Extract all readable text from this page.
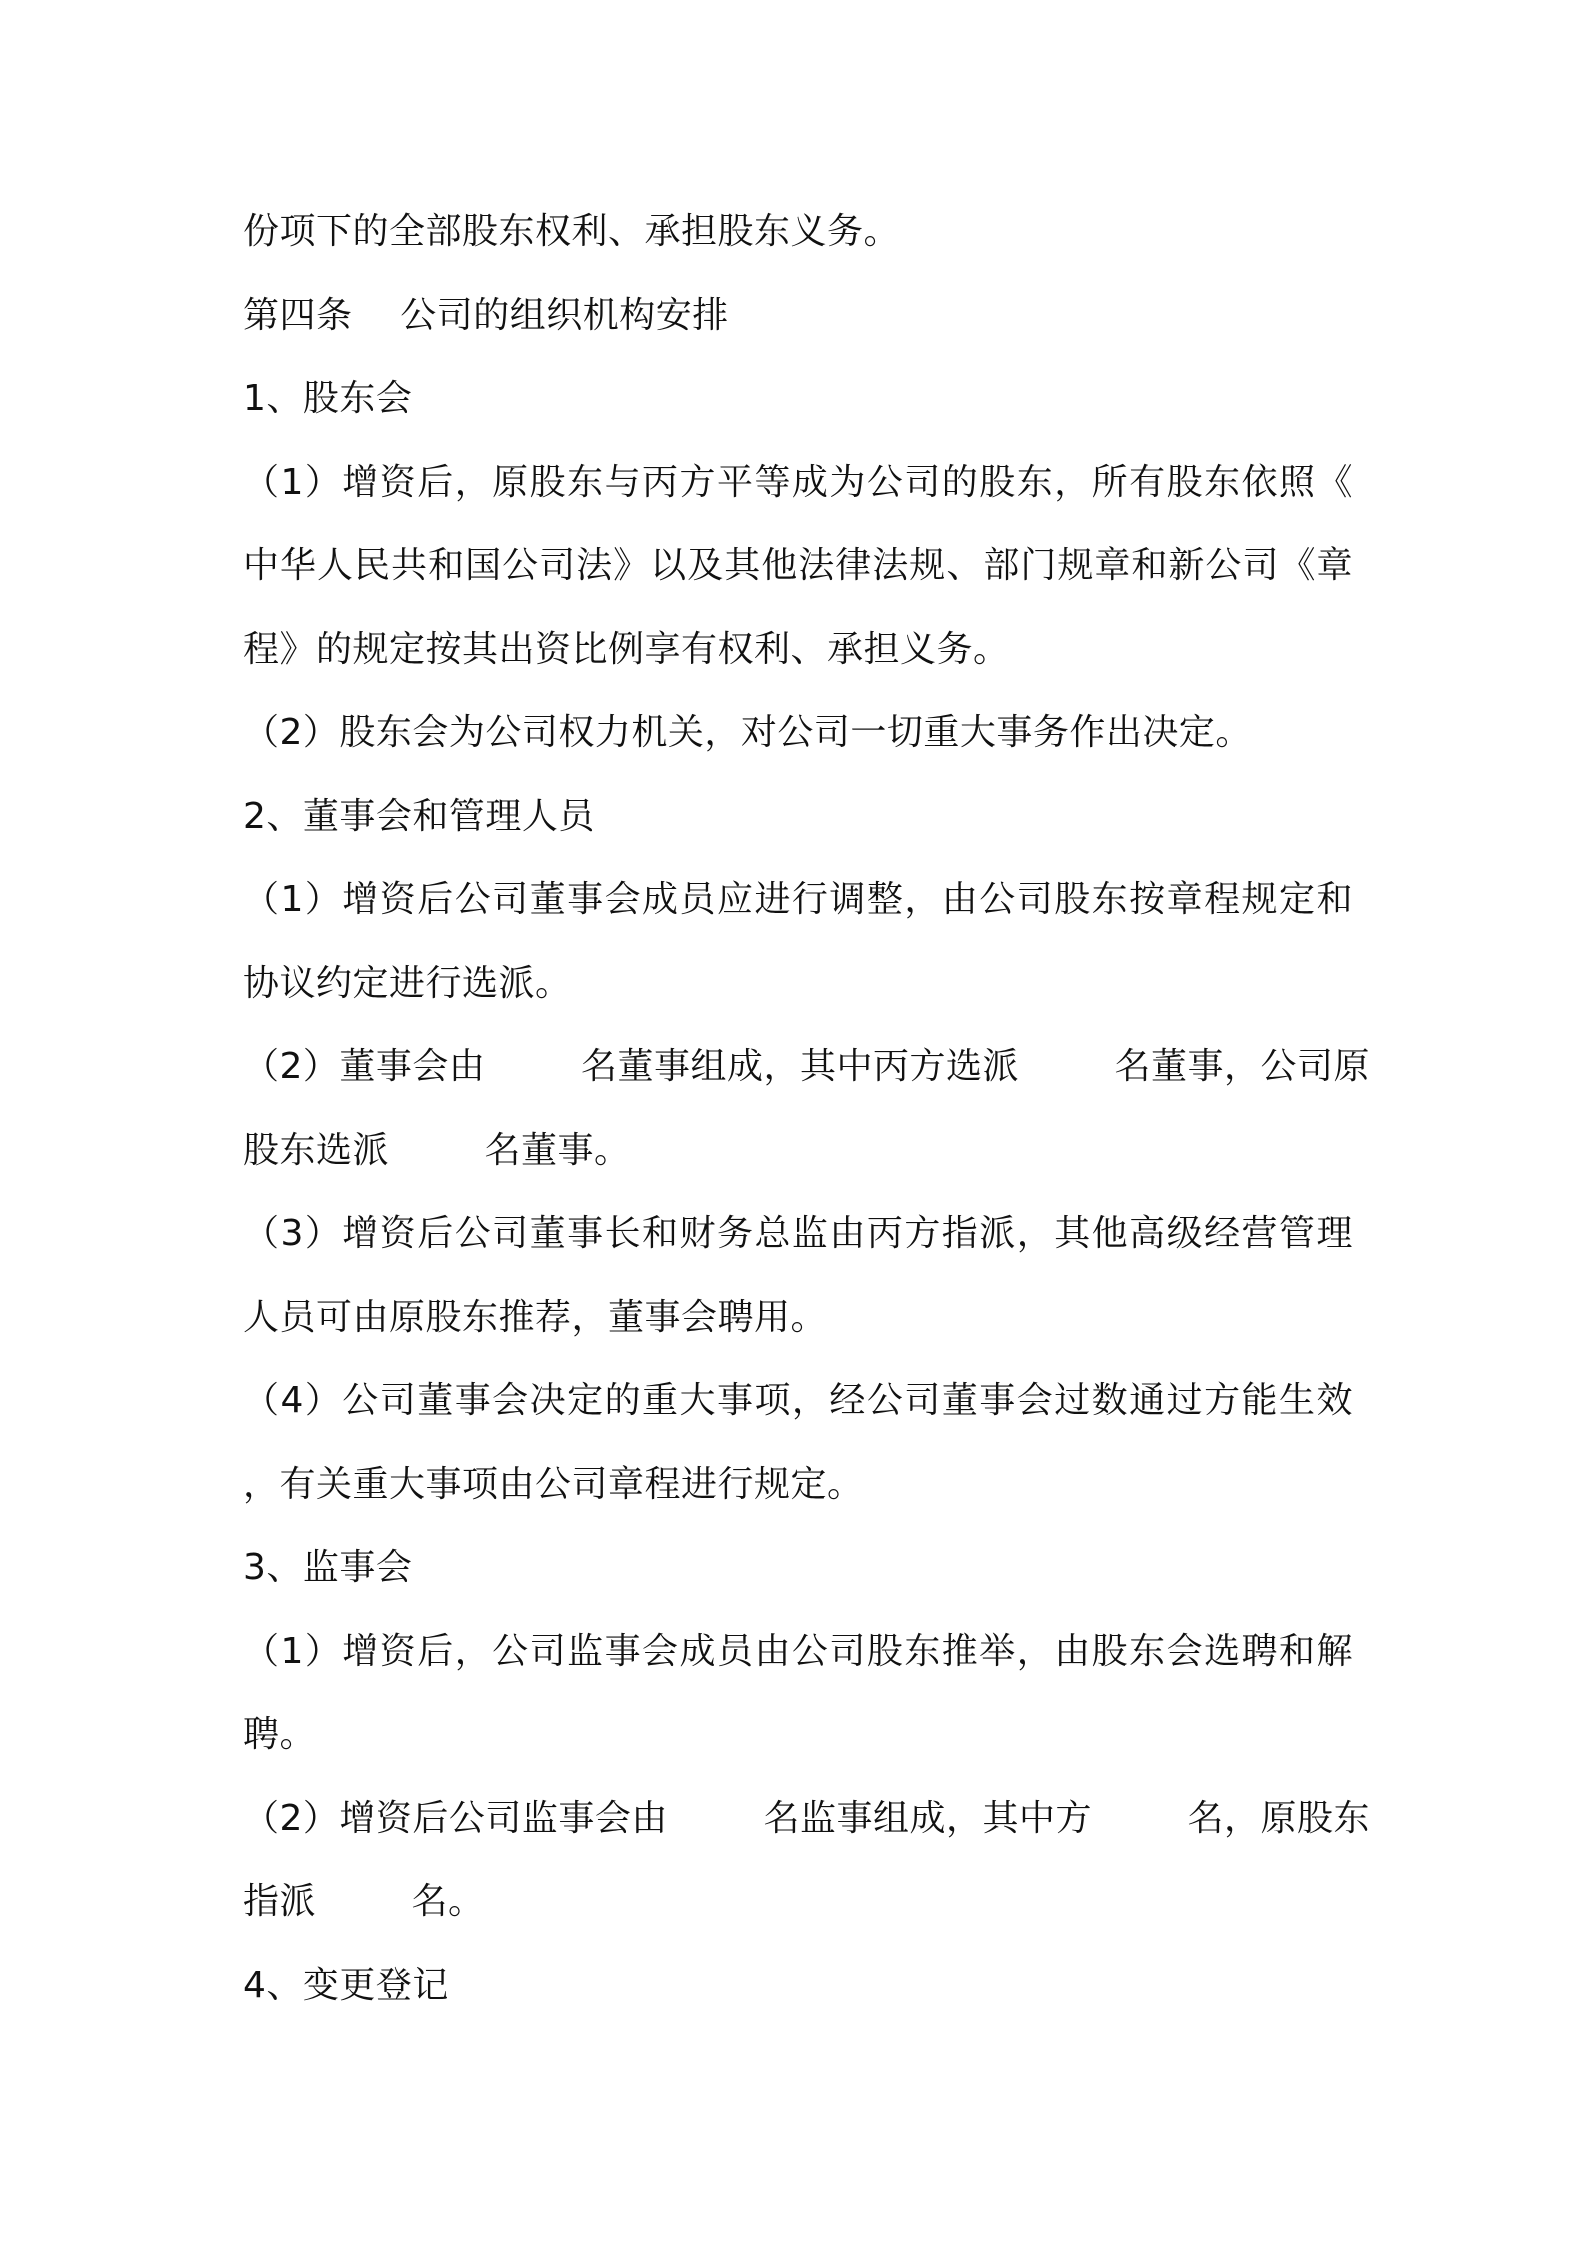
份项下的全部股东权利、承担股东义务。
第四条    公司的组织机构安排
1、股东会
（1）增资后，原股东与丙方平等成为公司的股东，所有股东依照《
中华人民共和国公司法》以及其他法律法规、部门规章和新公司《章
程》的规定按其出资比例享有权利、承担义务。
（2）股东会为公司权力机关，对公司一切重大事务作出决定。
2、董事会和管理人员
（1）增资后公司董事会成员应进行调整，由公司股东按章程规定和
协议约定进行选派。
（2）董事会由        名董事组成，其中丙方选派        名董事，公司原
股东选派        名董事。
（3）增资后公司董事长和财务总监由丙方指派，其他高级经营管理
人员可由原股东推荐，董事会聘用。
（4）公司董事会决定的重大事项，经公司董事会过数通过方能生效
，有关重大事项由公司章程进行规定。
3、监事会
（1）增资后，公司监事会成员由公司股东推举，由股东会选聘和解
聘。
（2）增资后公司监事会由        名监事组成，其中方        名，原股东
指派        名。
4、变更登记
